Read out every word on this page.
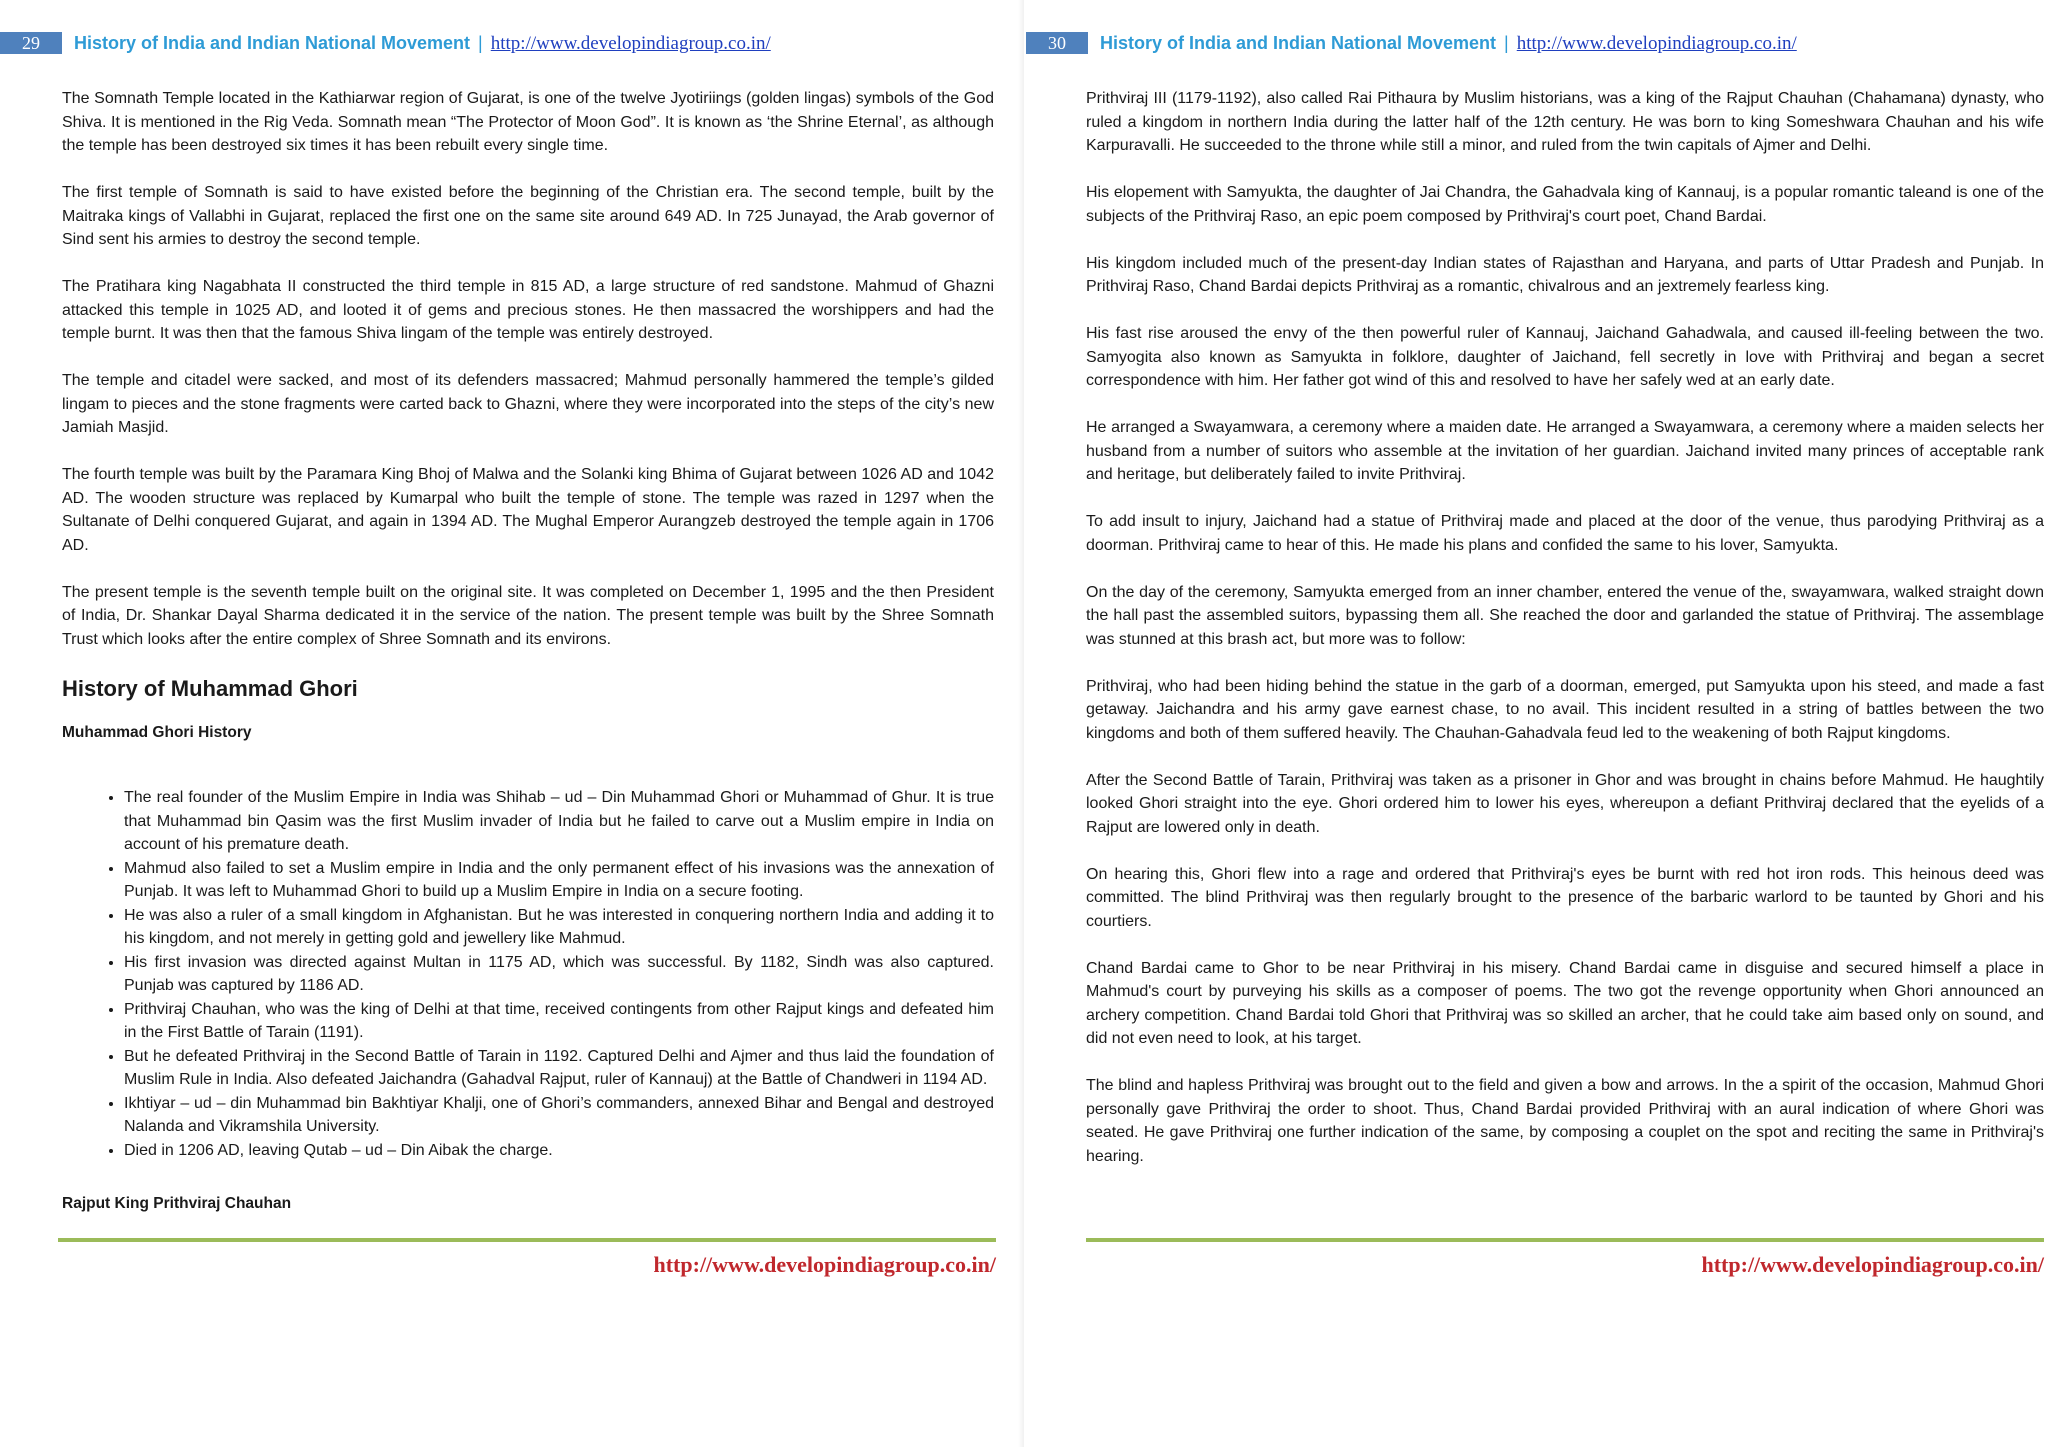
29	History of India and Indian National Movement | http://www.developindiagroup.co.in/

The Somnath Temple located in the Kathiarwar region of Gujarat, is one of the twelve Jyotiriings (golden lingas) symbols of the God Shiva. It is mentioned in the Rig Veda. Somnath mean “The Protector of Moon God”. It is known as ‘the Shrine Eternal’, as although the temple has been destroyed six times it has been rebuilt every single time.

The first temple of Somnath is said to have existed before the beginning of the Christian era. The second temple, built by the Maitraka kings of Vallabhi in Gujarat, replaced the first one on the same site around 649 AD. In 725 Junayad, the Arab governor of Sind sent his armies to destroy the second temple.

The Pratihara king Nagabhata II constructed the third temple in 815 AD, a large structure of red sandstone. Mahmud of Ghazni attacked this temple in 1025 AD, and looted it of gems and precious stones. He then massacred the worshippers and had the temple burnt. It was then that the famous Shiva lingam of the temple was entirely destroyed.

The temple and citadel were sacked, and most of its defenders massacred; Mahmud personally hammered the temple’s gilded lingam to pieces and the stone fragments were carted back to Ghazni, where they were incorporated into the steps of the city’s new Jamiah Masjid.

The fourth temple was built by the Paramara King Bhoj of Malwa and the Solanki king Bhima of Gujarat between 1026 AD and 1042 AD. The wooden structure was replaced by Kumarpal who built the temple of stone. The temple was razed in 1297 when the Sultanate of Delhi conquered Gujarat, and again in 1394 AD. The Mughal Emperor Aurangzeb destroyed the temple again in 1706 AD.

The present temple is the seventh temple built on the original site. It was completed on December 1, 1995 and the then President of India, Dr. Shankar Dayal Sharma dedicated it in the service of the nation. The present temple was built by the Shree Somnath Trust which looks after the entire complex of Shree Somnath and its environs.

History of Muhammad Ghori
Muhammad Ghori History
• The real founder of the Muslim Empire in India was Shihab – ud – Din Muhammad Ghori or Muhammad of Ghur. It is true that Muhammad bin Qasim was the first Muslim invader of India but he failed to carve out a Muslim empire in India on account of his premature death.
• Mahmud also failed to set a Muslim empire in India and the only permanent effect of his invasions was the annexation of Punjab. It was left to Muhammad Ghori to build up a Muslim Empire in India on a secure footing.
• He was also a ruler of a small kingdom in Afghanistan. But he was interested in conquering northern India and adding it to his kingdom, and not merely in getting gold and jewellery like Mahmud.
• His first invasion was directed against Multan in 1175 AD, which was successful. By 1182, Sindh was also captured. Punjab was captured by 1186 AD.
• Prithviraj Chauhan, who was the king of Delhi at that time, received contingents from other Rajput kings and defeated him in the First Battle of Tarain (1191).
• But he defeated Prithviraj in the Second Battle of Tarain in 1192. Captured Delhi and Ajmer and thus laid the foundation of Muslim Rule in India. Also defeated Jaichandra (Gahadval Rajput, ruler of Kannauj) at the Battle of Chandweri in 1194 AD.
• Ikhtiyar – ud – din Muhammad bin Bakhtiyar Khalji, one of Ghori’s commanders, annexed Bihar and Bengal and destroyed Nalanda and Vikramshila University.
• Died in 1206 AD, leaving Qutab – ud – Din Aibak the charge.
Rajput King Prithviraj Chauhan
http://www.developindiagroup.co.in/
30	History of India and Indian National Movement | http://www.developindiagroup.co.in/

Prithviraj III (1179-1192), also called Rai Pithaura by Muslim historians, was a king of the Rajput Chauhan (Chahamana) dynasty, who ruled a kingdom in northern India during the latter half of the 12th century. He was born to king Someshwara Chauhan and his wife Karpuravalli. He succeeded to the throne while still a minor, and ruled from the twin capitals of Ajmer and Delhi.

His elopement with Samyukta, the daughter of Jai Chandra, the Gahadvala king of Kannauj, is a popular romantic taleand is one of the subjects of the Prithviraj Raso, an epic poem composed by Prithviraj's court poet, Chand Bardai.

His kingdom included much of the present-day Indian states of Rajasthan and Haryana, and parts of Uttar Pradesh and Punjab. In Prithviraj Raso, Chand Bardai depicts Prithviraj as a romantic, chivalrous and an jextremely fearless king.

His fast rise aroused the envy of the then powerful ruler of Kannauj, Jaichand Gahadwala, and caused ill-feeling between the two. Samyogita also known as Samyukta in folklore, daughter of Jaichand, fell secretly in love with Prithviraj and began a secret correspondence with him. Her father got wind of this and resolved to have her safely wed at an early date.

He arranged a Swayamwara, a ceremony where a maiden date. He arranged a Swayamwara, a ceremony where a maiden selects her husband from a number of suitors who assemble at the invitation of her guardian. Jaichand invited many princes of acceptable rank and heritage, but deliberately failed to invite Prithviraj.

To add insult to injury, Jaichand had a statue of Prithviraj made and placed at the door of the venue, thus parodying Prithviraj as a doorman. Prithviraj came to hear of this. He made his plans and confided the same to his lover, Samyukta.

On the day of the ceremony, Samyukta emerged from an inner chamber, entered the venue of the, swayamwara, walked straight down the hall past the assembled suitors, bypassing them all. She reached the door and garlanded the statue of Prithviraj. The assemblage was stunned at this brash act, but more was to follow:

Prithviraj, who had been hiding behind the statue in the garb of a doorman, emerged, put Samyukta upon his steed, and made a fast getaway. Jaichandra and his army gave earnest chase, to no avail. This incident resulted in a string of battles between the two kingdoms and both of them suffered heavily. The Chauhan-Gahadvala feud led to the weakening of both Rajput kingdoms.

After the Second Battle of Tarain, Prithviraj was taken as a prisoner in Ghor and was brought in chains before Mahmud. He haughtily looked Ghori straight into the eye. Ghori ordered him to lower his eyes, whereupon a defiant Prithviraj declared that the eyelids of a Rajput are lowered only in death.

On hearing this, Ghori flew into a rage and ordered that Prithviraj's eyes be burnt with red hot iron rods. This heinous deed was committed. The blind Prithviraj was then regularly brought to the presence of the barbaric warlord to be taunted by Ghori and his courtiers.

Chand Bardai came to Ghor to be near Prithviraj in his misery. Chand Bardai came in disguise and secured himself a place in Mahmud's court by purveying his skills as a composer of poems. The two got the revenge opportunity when Ghori announced an archery competition. Chand Bardai told Ghori that Prithviraj was so skilled an archer, that he could take aim based only on sound, and did not even need to look, at his target.

The blind and hapless Prithviraj was brought out to the field and given a bow and arrows. In the a spirit of the occasion, Mahmud Ghori personally gave Prithviraj the order to shoot. Thus, Chand Bardai provided Prithviraj with an aural indication of where Ghori was seated. He gave Prithviraj one further indication of the same, by composing a couplet on the spot and reciting the same in Prithviraj's hearing.

http://www.developindiagroup.co.in/
